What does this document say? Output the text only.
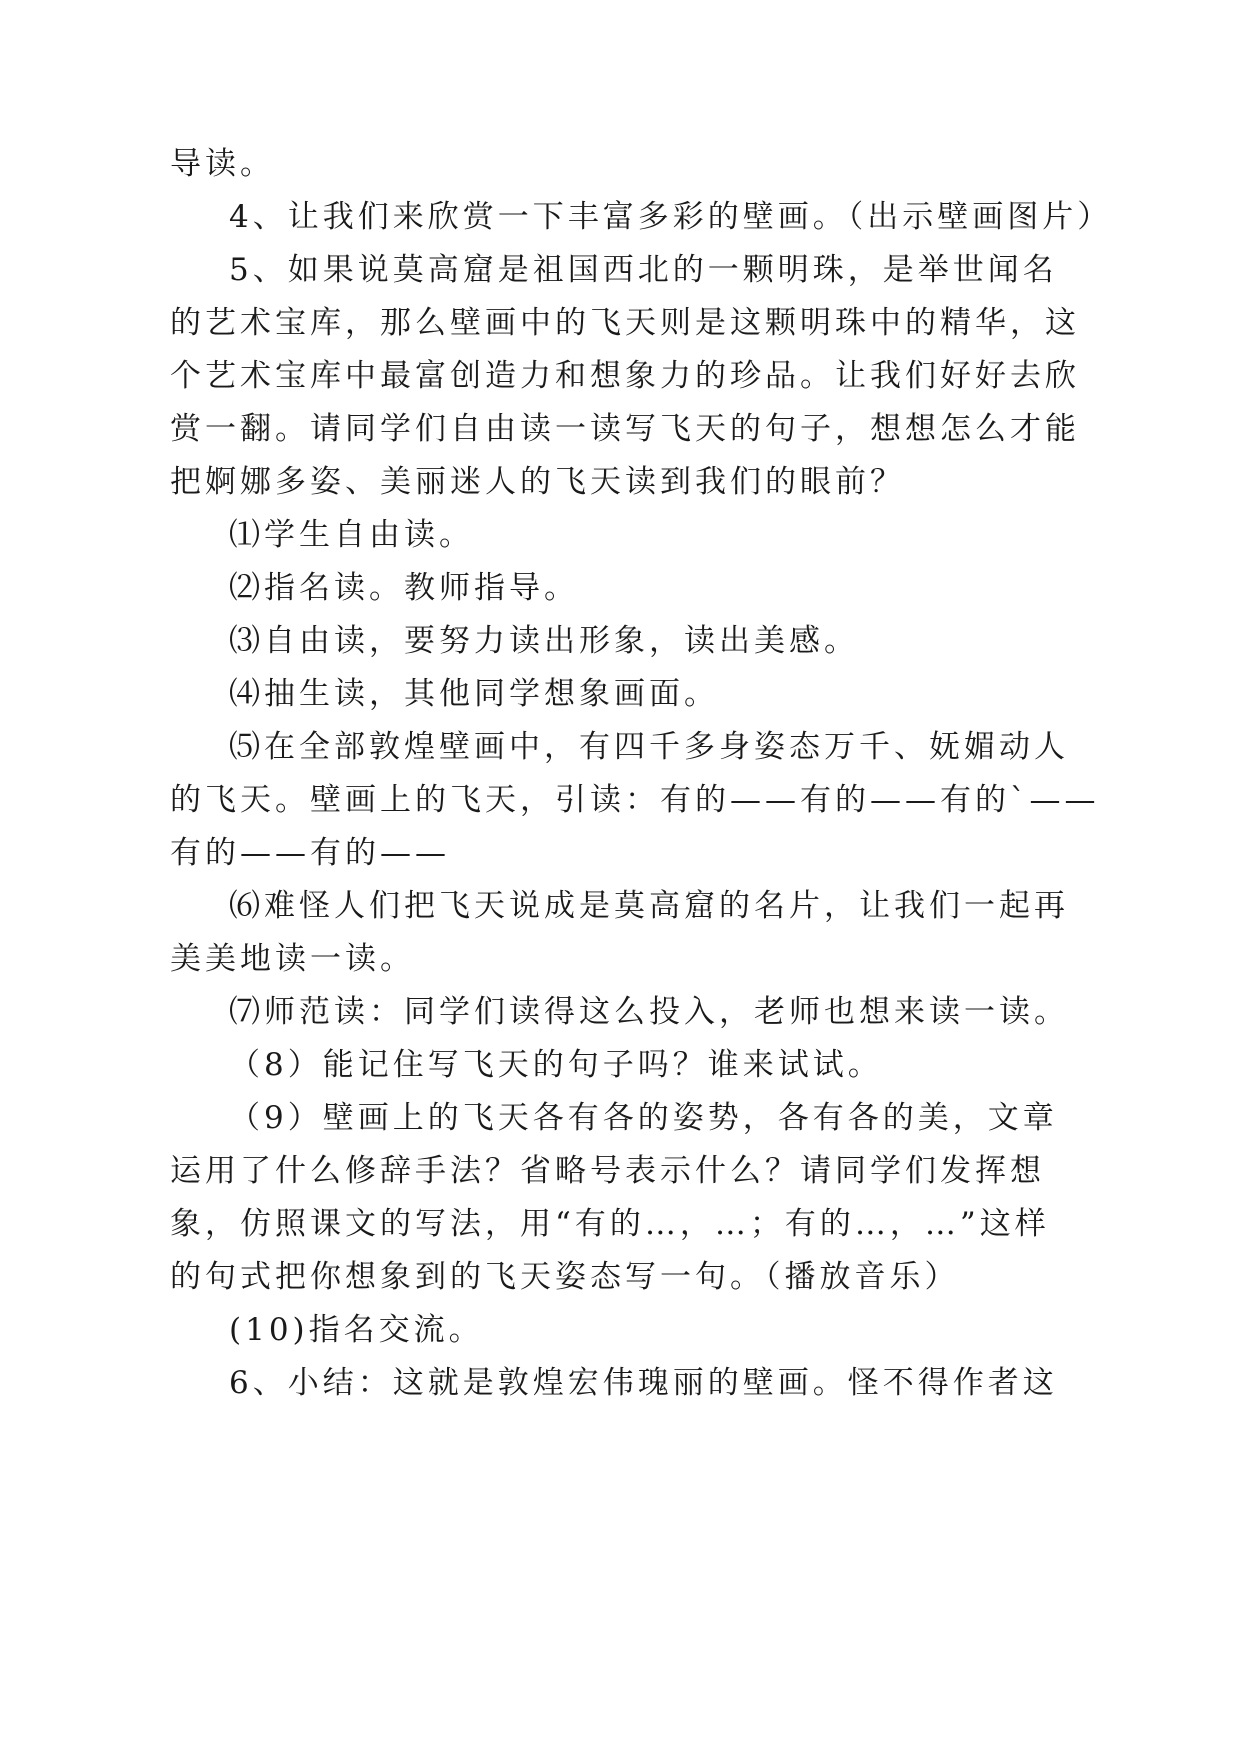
导读。
4、让我们来欣赏一下丰富多彩的壁画。（出示壁画图片）
5、如果说莫高窟是祖国西北的一颗明珠，是举世闻名
的艺术宝库，那么壁画中的飞天则是这颗明珠中的精华，这
个艺术宝库中最富创造力和想象力的珍品。让我们好好去欣
赏一翻。请同学们自由读一读写飞天的句子，想想怎么才能
把婀娜多姿、美丽迷人的飞天读到我们的眼前？
⑴学生自由读。
⑵指名读。教师指导。
⑶自由读，要努力读出形象，读出美感。
⑷抽生读，其他同学想象画面。
⑸在全部敦煌壁画中，有四千多身姿态万千、妩媚动人
的飞天。壁画上的飞天，引读：有的——有的——有的`——
有的——有的——
⑹难怪人们把飞天说成是莫高窟的名片，让我们一起再
美美地读一读。
⑺师范读：同学们读得这么投入，老师也想来读一读。
（8）能记住写飞天的句子吗？谁来试试。
（9）壁画上的飞天各有各的姿势，各有各的美，文章
运用了什么修辞手法？省略号表示什么？请同学们发挥想
象，仿照课文的写法，用“有的…，…；有的…，…”这样
的句式把你想象到的飞天姿态写一句。（播放音乐）
(10)指名交流。
6、小结：这就是敦煌宏伟瑰丽的壁画。怪不得作者这
